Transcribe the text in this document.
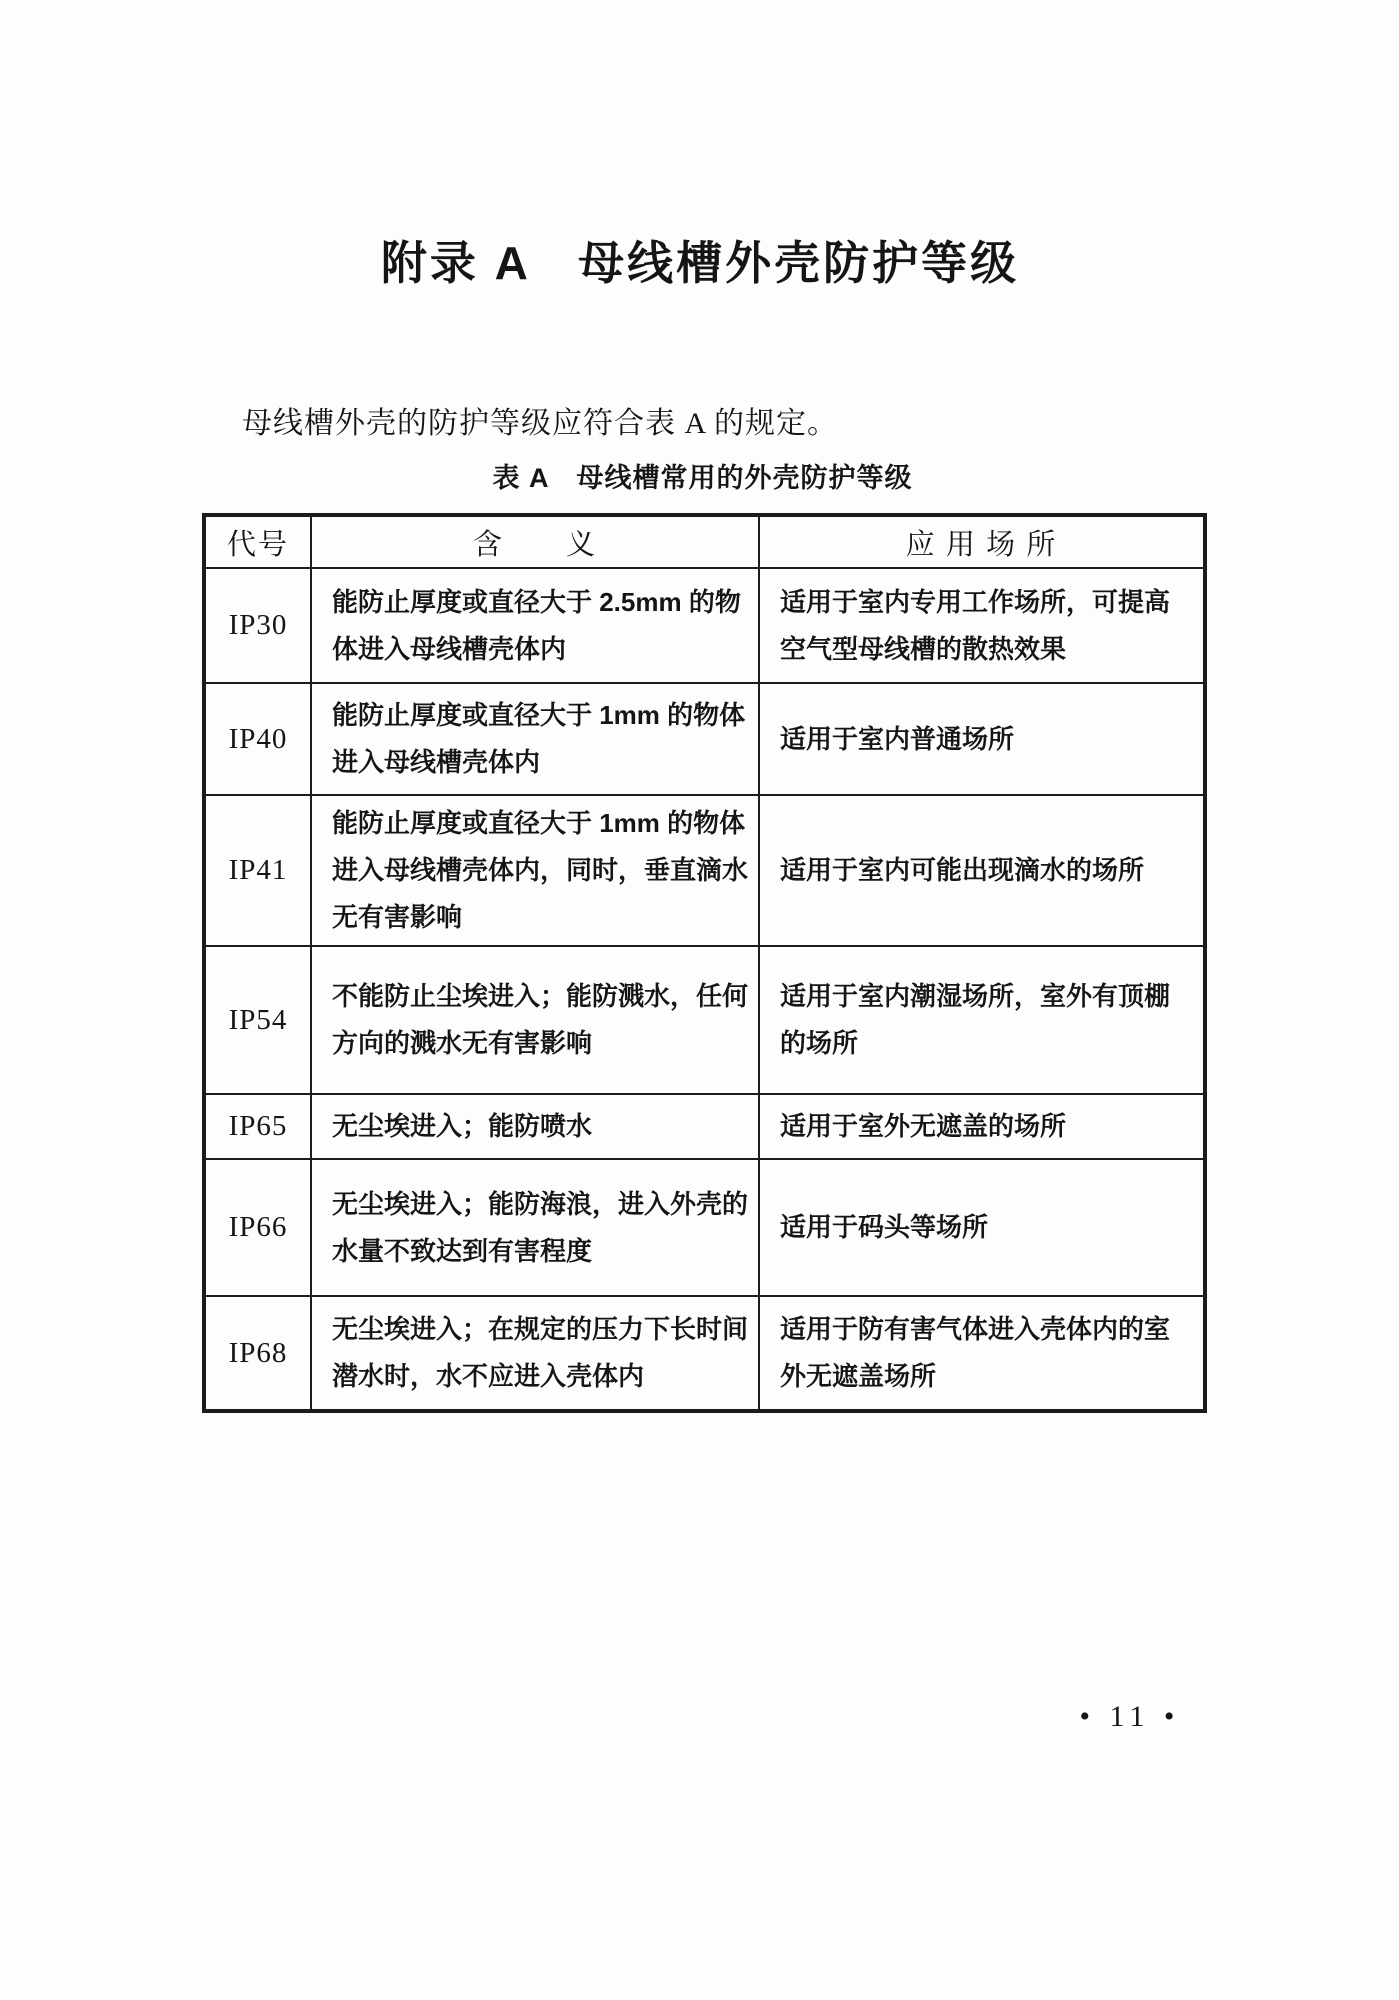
附录 A　母线槽外壳防护等级

母线槽外壳的防护等级应符合表 A 的规定。

表 A　母线槽常用的外壳防护等级
代号	含　　义	应 用 场 所
IP30	能防止厚度或直径大于 2.5mm 的物体进入母线槽壳体内	适用于室内专用工作场所，可提高空气型母线槽的散热效果
IP40	能防止厚度或直径大于 1mm 的物体进入母线槽壳体内	适用于室内普通场所
IP41	能防止厚度或直径大于 1mm 的物体进入母线槽壳体内，同时，垂直滴水无有害影响	适用于室内可能出现滴水的场所
IP54	不能防止尘埃进入；能防溅水，任何方向的溅水无有害影响	适用于室内潮湿场所，室外有顶棚的场所
IP65	无尘埃进入；能防喷水	适用于室外无遮盖的场所
IP66	无尘埃进入；能防海浪，进入外壳的水量不致达到有害程度	适用于码头等场所
IP68	无尘埃进入；在规定的压力下长时间潜水时，水不应进入壳体内	适用于防有害气体进入壳体内的室外无遮盖场所
• 11 •
